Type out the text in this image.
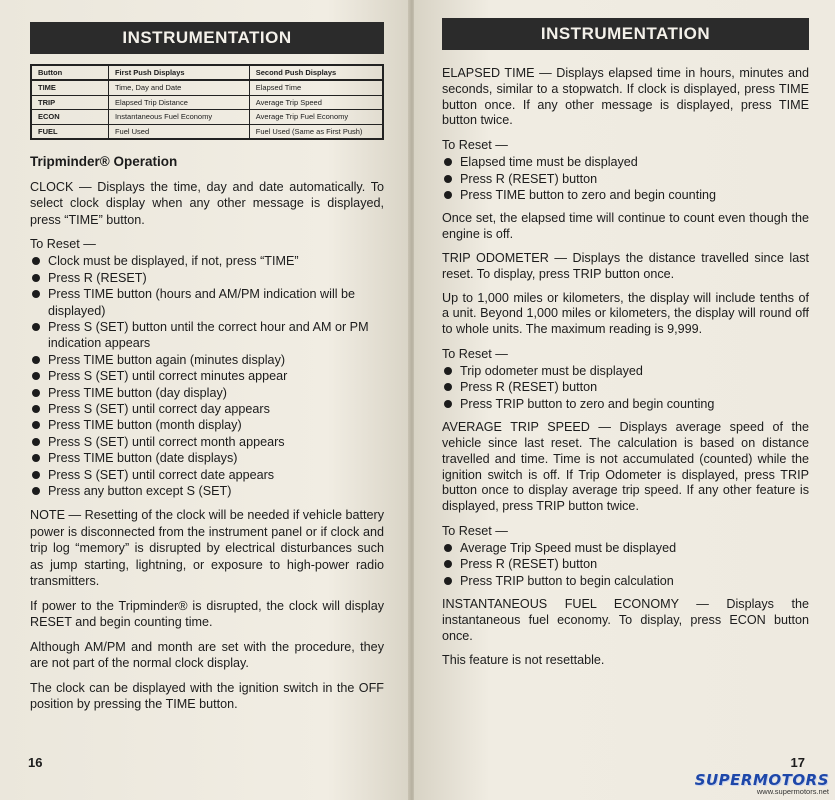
INSTRUMENTATION
Button	First Push Displays	Second Push Displays
TIME	Time, Day and Date	Elapsed Time
TRIP	Elapsed Trip Distance	Average Trip Speed
ECON	Instantaneous Fuel Economy	Average Trip Fuel Economy
FUEL	Fuel Used	Fuel Used (Same as First Push)
Tripminder® Operation

CLOCK — Displays the time, day and date automatically. To select clock display when any other message is displayed, press “TIME” button.

To Reset —
Clock must be displayed, if not, press “TIME”
Press R (RESET)
Press TIME button (hours and AM/PM indication will be displayed)
Press S (SET) button until the correct hour and AM or PM indication appears
Press TIME button again (minutes display)
Press S (SET) until correct minutes appear
Press TIME button (day display)
Press S (SET) until correct day appears
Press TIME button (month display)
Press S (SET) until correct month appears
Press TIME button (date displays)
Press S (SET) until correct date appears
Press any button except S (SET)

NOTE — Resetting of the clock will be needed if vehicle battery power is disconnected from the instrument panel or if clock and trip log “memory” is disrupted by electrical disturbances such as jump starting, lightning, or exposure to high-power radio transmitters.

If power to the Tripminder® is disrupted, the clock will display RESET and begin counting time.

Although AM/PM and month are set with the procedure, they are not part of the normal clock display.

The clock can be displayed with the ignition switch in the OFF position by pressing the TIME button.

16
INSTRUMENTATION

ELAPSED TIME — Displays elapsed time in hours, minutes and seconds, similar to a stopwatch. If clock is displayed, press TIME button once. If any other message is displayed, press TIME button twice.

To Reset —
Elapsed time must be displayed
Press R (RESET) button
Press TIME button to zero and begin counting

Once set, the elapsed time will continue to count even though the engine is off.

TRIP ODOMETER — Displays the distance travelled since last reset. To display, press TRIP button once.

Up to 1,000 miles or kilometers, the display will include tenths of a unit. Beyond 1,000 miles or kilometers, the display will round off to whole units. The maximum reading is 9,999.

To Reset —
Trip odometer must be displayed
Press R (RESET) button
Press TRIP button to zero and begin counting

AVERAGE TRIP SPEED — Displays average speed of the vehicle since last reset. The calculation is based on distance travelled and time. Time is not accumulated (counted) while the ignition switch is off. If Trip Odometer is displayed, press TRIP button once to display average trip speed. If any other feature is displayed, press TRIP button twice.

To Reset —
Average Trip Speed must be displayed
Press R (RESET) button
Press TRIP button to begin calculation

INSTANTANEOUS FUEL ECONOMY — Displays the instantaneous fuel economy. To display, press ECON button once.

This feature is not resettable.

17
SUPERMOTORS
www.supermotors.net
